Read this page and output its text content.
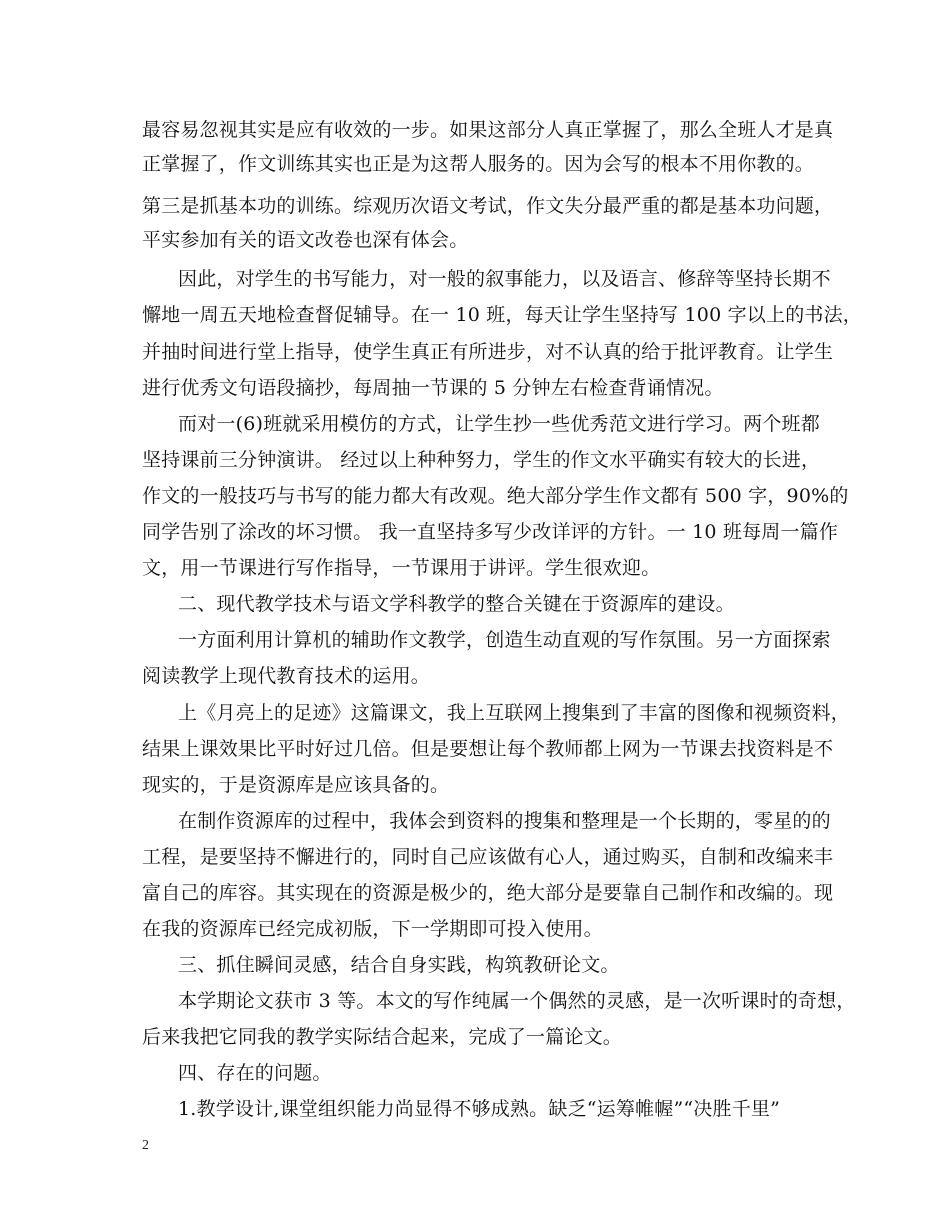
最容易忽视其实是应有收效的一步。如果这部分人真正掌握了，那么全班人才是真
正掌握了，作文训练其实也正是为这帮人服务的。因为会写的根本不用你教的。
第三是抓基本功的训练。综观历次语文考试，作文失分最严重的都是基本功问题，
平实参加有关的语文改卷也深有体会。
因此，对学生的书写能力，对一般的叙事能力，以及语言、修辞等坚持长期不
懈地一周五天地检查督促辅导。在一 10 班，每天让学生坚持写 100 字以上的书法，
并抽时间进行堂上指导，使学生真正有所进步，对不认真的给于批评教育。让学生
进行优秀文句语段摘抄，每周抽一节课的 5 分钟左右检查背诵情况。
而对一(6)班就采用模仿的方式，让学生抄一些优秀范文进行学习。两个班都
坚持课前三分钟演讲。 经过以上种种努力，学生的作文水平确实有较大的长进，
作文的一般技巧与书写的能力都大有改观。绝大部分学生作文都有 500 字，90%的
同学告别了涂改的坏习惯。 我一直坚持多写少改详评的方针。一 10 班每周一篇作
文，用一节课进行写作指导，一节课用于讲评。学生很欢迎。
二、现代教学技术与语文学科教学的整合关键在于资源库的建设。
一方面利用计算机的辅助作文教学，创造生动直观的写作氛围。另一方面探索
阅读教学上现代教育技术的运用。
上《月亮上的足迹》这篇课文，我上互联网上搜集到了丰富的图像和视频资料，
结果上课效果比平时好过几倍。但是要想让每个教师都上网为一节课去找资料是不
现实的，于是资源库是应该具备的。
在制作资源库的过程中，我体会到资料的搜集和整理是一个长期的，零星的的
工程，是要坚持不懈进行的，同时自己应该做有心人，通过购买，自制和改编来丰
富自己的库容。其实现在的资源是极少的，绝大部分是要靠自己制作和改编的。现
在我的资源库已经完成初版，下一学期即可投入使用。
三、抓住瞬间灵感，结合自身实践，构筑教研论文。
本学期论文获市 3 等。本文的写作纯属一个偶然的灵感，是一次听课时的奇想，
后来我把它同我的教学实际结合起来，完成了一篇论文。
四、存在的问题。
1.教学设计,课堂组织能力尚显得不够成熟。缺乏“运筹帷幄”“决胜千里”
2
